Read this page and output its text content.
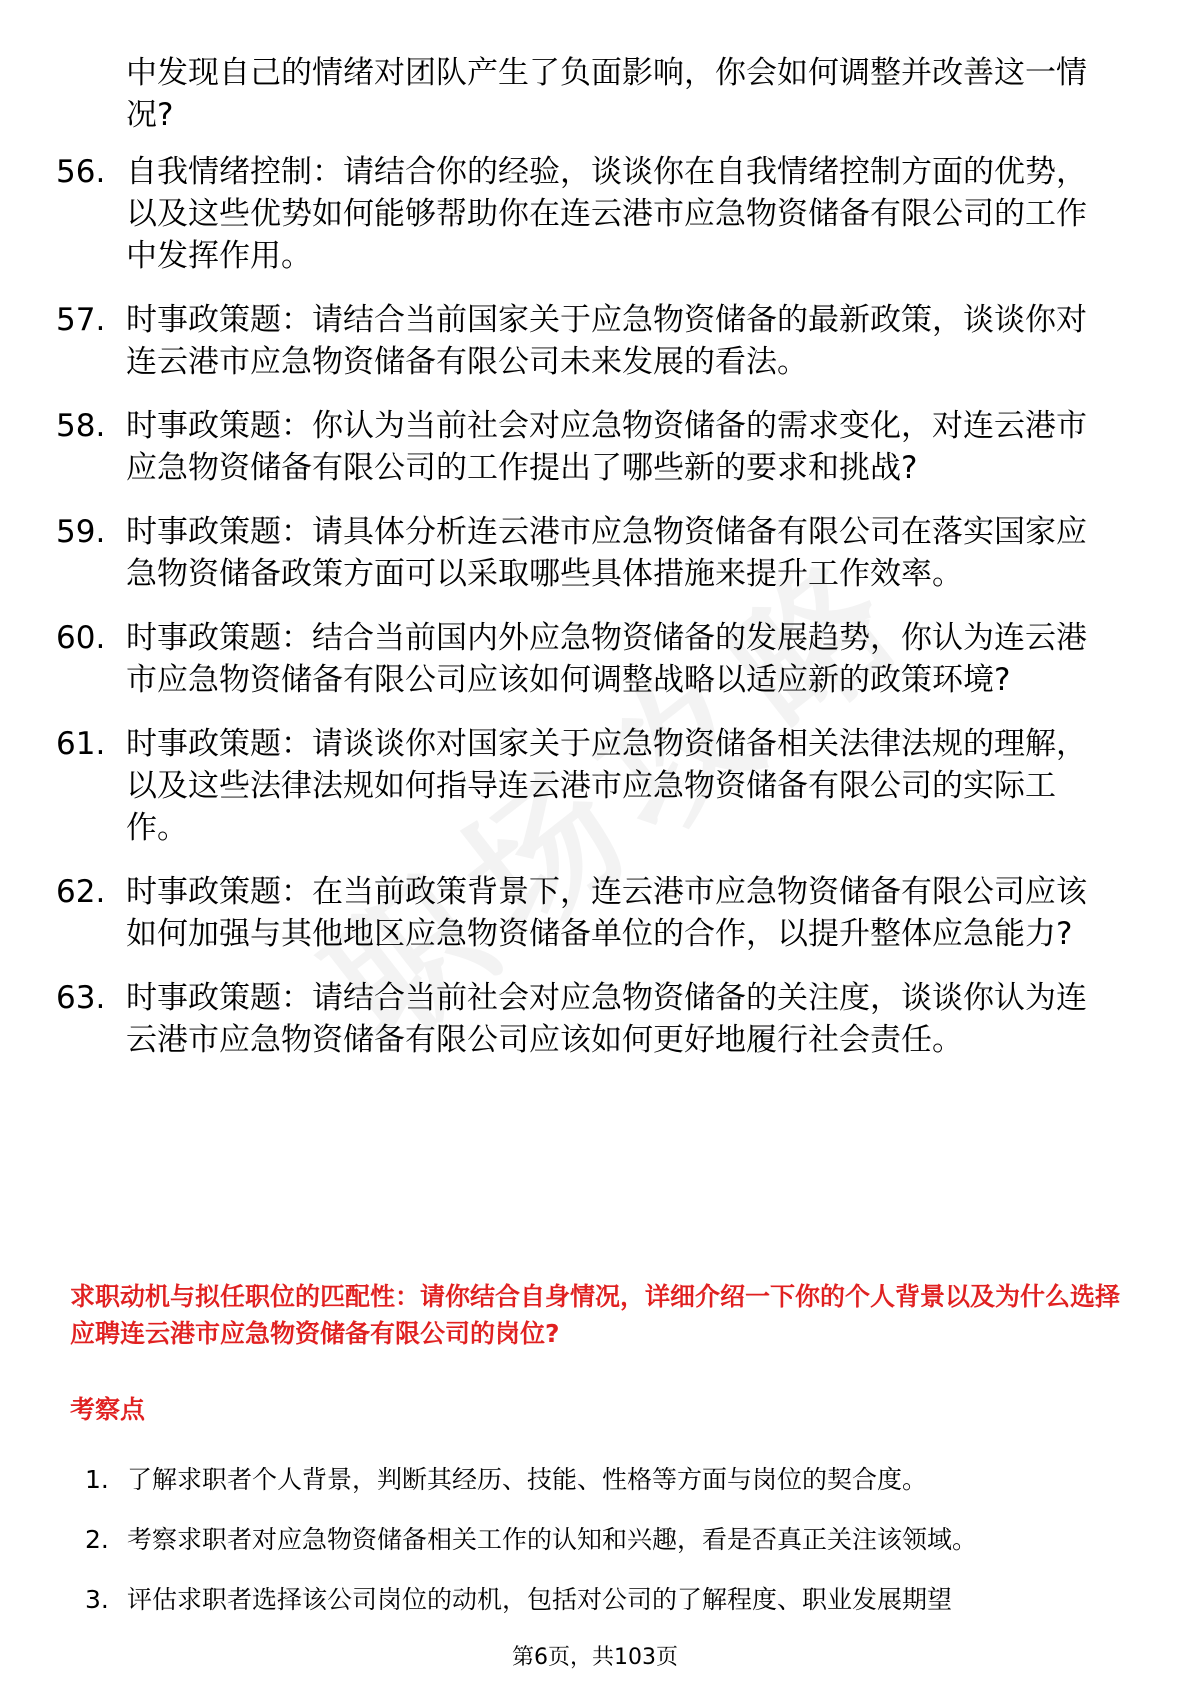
中发现自己的情绪对团队产生了负面影响，你会如何调整并改善这一情况?
56. 自我情绪控制：请结合你的经验，谈谈你在自我情绪控制方面的优势，以及这些优势如何能够帮助你在连云港市应急物资储备有限公司的工作中发挥作用。
57. 时事政策题：请结合当前国家关于应急物资储备的最新政策，谈谈你对连云港市应急物资储备有限公司未来发展的看法。
58. 时事政策题：你认为当前社会对应急物资储备的需求变化，对连云港市应急物资储备有限公司的工作提出了哪些新的要求和挑战?
59. 时事政策题：请具体分析连云港市应急物资储备有限公司在落实国家应急物资储备政策方面可以采取哪些具体措施来提升工作效率。
60. 时事政策题：结合当前国内外应急物资储备的发展趋势，你认为连云港市应急物资储备有限公司应该如何调整战略以适应新的政策环境?
61. 时事政策题：请谈谈你对国家关于应急物资储备相关法律法规的理解，以及这些法律法规如何指导连云港市应急物资储备有限公司的实际工作。
62. 时事政策题：在当前政策背景下，连云港市应急物资储备有限公司应该如何加强与其他地区应急物资储备单位的合作，以提升整体应急能力?
63. 时事政策题：请结合当前社会对应急物资储备的关注度，谈谈你认为连云港市应急物资储备有限公司应该如何更好地履行社会责任。
求职动机与拟任职位的匹配性：请你结合自身情况，详细介绍一下你的个人背景以及为什么选择应聘连云港市应急物资储备有限公司的岗位?
考察点
1. 了解求职者个人背景，判断其经历、技能、性格等方面与岗位的契合度。
2. 考察求职者对应急物资储备相关工作的认知和兴趣，看是否真正关注该领域。
3. 评估求职者选择该公司岗位的动机，包括对公司的了解程度、职业发展期望
第6页，共103页
